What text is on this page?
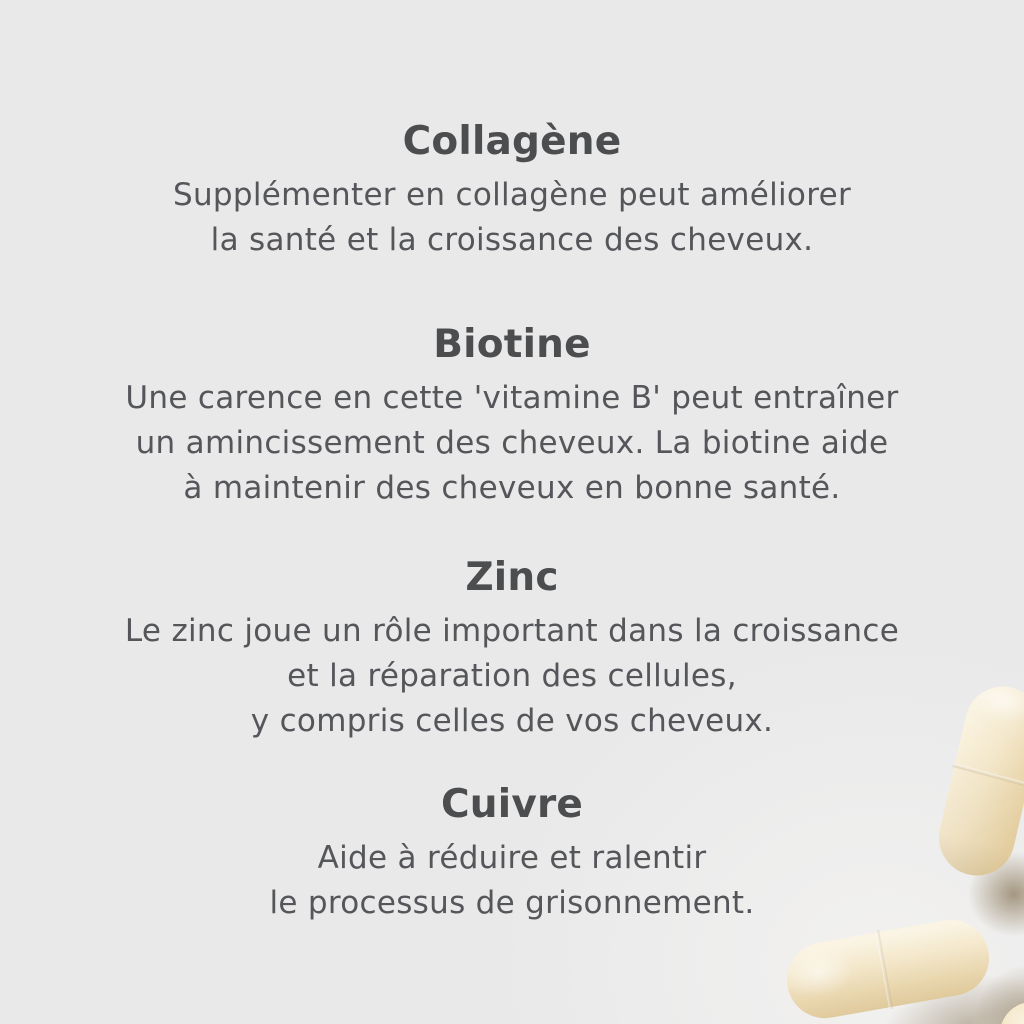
Collagène
Supplémenter en collagène peut améliorer
la santé et la croissance des cheveux.
Biotine
Une carence en cette 'vitamine B' peut entraîner
un amincissement des cheveux. La biotine aide
à maintenir des cheveux en bonne santé.
Zinc
Le zinc joue un rôle important dans la croissance
et la réparation des cellules,
y compris celles de vos cheveux.
Cuivre
Aide à réduire et ralentir
le processus de grisonnement.
